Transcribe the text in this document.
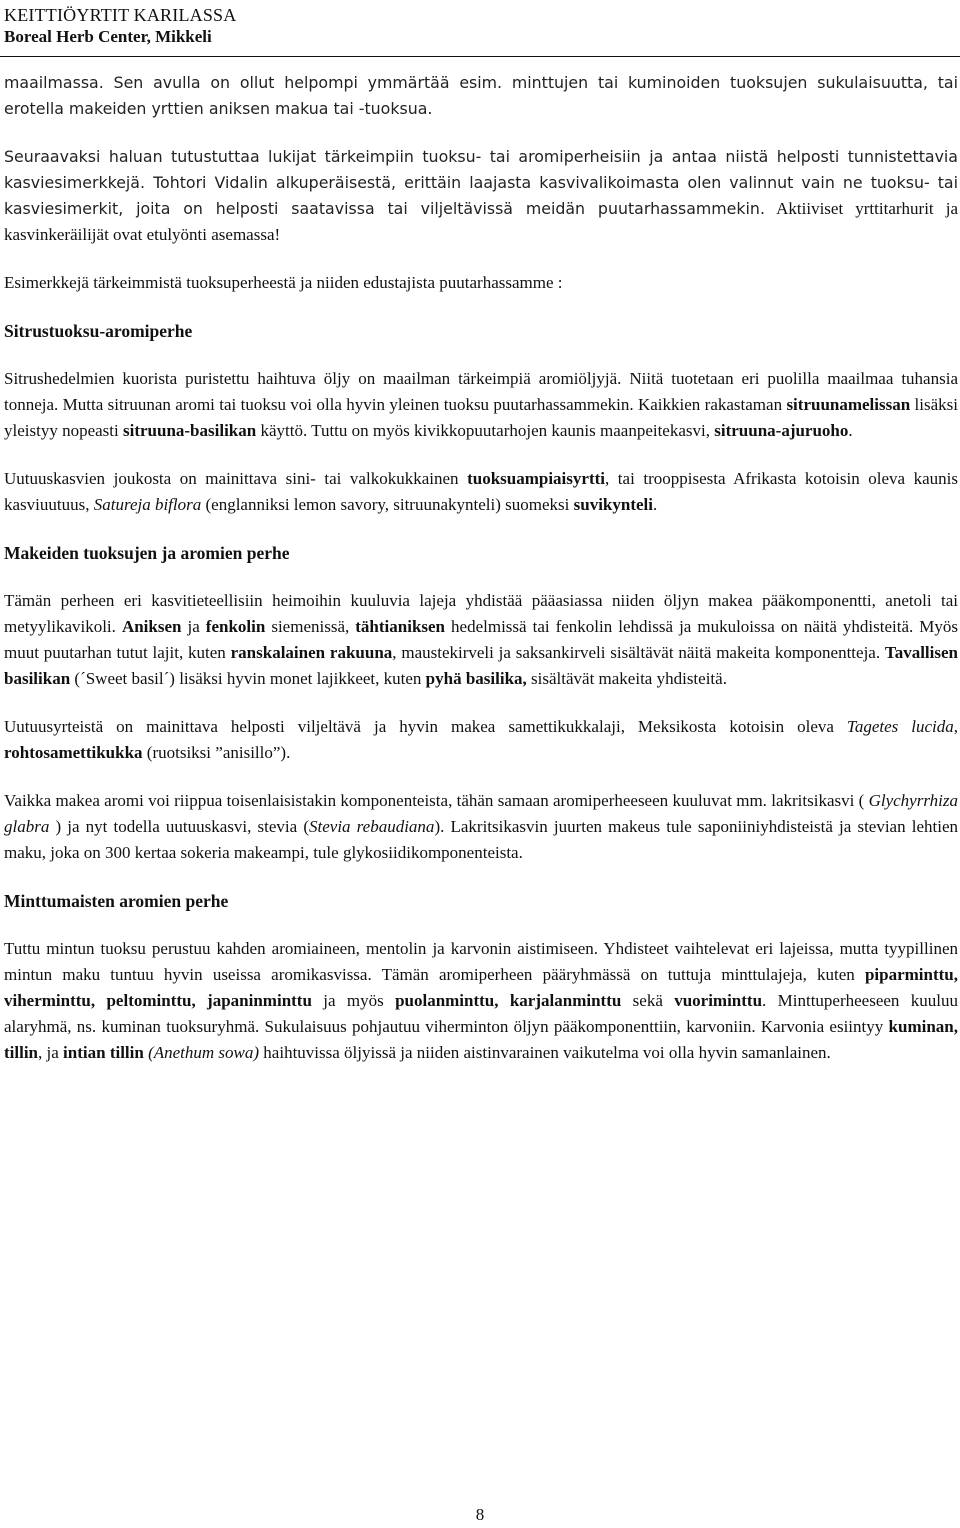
KEITTIÖYRTIT KARILASSA
Boreal Herb Center, Mikkeli

maailmassa. Sen avulla on ollut helpompi ymmärtää esim. minttujen tai kuminoiden tuoksujen sukulaisuutta, tai erotella makeiden yrttien aniksen makua tai -tuoksua.

Seuraavaksi haluan tutustuttaa lukijat tärkeimpiin tuoksu- tai aromiperheisiin ja antaa niistä helposti tunnistettavia kasviesimerkkejä. Tohtori Vidalin alkuperäisestä, erittäin laajasta kasvivalikoimasta olen valinnut vain ne tuoksu- tai kasviesimerkit, joita on helposti saatavissa tai viljeltävissä meidän puutarhassammekin. Aktiiviset yrttitarhurit ja kasvinkeräilijät ovat etulyönti asemassa!

Esimerkkejä tärkeimmistä tuoksuperheestä ja niiden edustajista puutarhassamme :

Sitrustuoksu-aromiperhe

Sitrushedelmien kuorista puristettu haihtuva öljy on maailman tärkeimpiä aromiöljyjä. Niitä tuotetaan eri puolilla maailmaa tuhansia tonneja. Mutta sitruunan aromi tai tuoksu voi olla hyvin yleinen tuoksu puutarhassammekin. Kaikkien rakastaman sitruunamelissan lisäksi yleistyy nopeasti sitruuna-basilikan käyttö. Tuttu on myös kivikkopuutarhojen kaunis maanpeitekasvi, sitruuna-ajuruoho.

Uutuuskasvien joukosta on mainittava sini- tai valkokukkainen tuoksuampiaisyrtti, tai trooppisesta Afrikasta kotoisin oleva kaunis kasviuutuus, Satureja biflora (englanniksi lemon savory, sitruunakynteli) suomeksi suvikynteli.

Makeiden tuoksujen ja aromien perhe

Tämän perheen eri kasvitieteellisiin heimoihin kuuluvia lajeja yhdistää pääasiassa niiden öljyn makea pääkomponentti, anetoli tai metyylikavikoli. Aniksen ja fenkolin siemenissä, tähtianiksen hedelmissä tai fenkolin lehdissä ja mukuloissa on näitä yhdisteitä. Myös muut puutarhan tutut lajit, kuten ranskalainen rakuuna, maustekirveli ja saksankirveli sisältävät näitä makeita komponentteja. Tavallisen basilikan (´Sweet basil´) lisäksi hyvin monet lajikkeet, kuten pyhä basilika, sisältävät makeita yhdisteitä.

Uutuusyrteistä on mainittava helposti viljeltävä ja hyvin makea samettikukkalaji, Meksikosta kotoisin oleva Tagetes lucida, rohtosamettikukka (ruotsiksi ”anisillo”).

Vaikka makea aromi voi riippua toisenlaisistakin komponenteista, tähän samaan aromiperheeseen kuuluvat mm. lakritsikasvi ( Glychyrrhiza glabra ) ja nyt todella uutuuskasvi, stevia (Stevia rebaudiana). Lakritsikasvin juurten makeus tule saponiiniyhdisteistä ja stevian lehtien maku, joka on 300 kertaa sokeria makeampi, tule glykosiidikomponenteista.

Minttumaisten aromien perhe

Tuttu mintun tuoksu perustuu kahden aromiaineen, mentolin ja karvonin aistimiseen. Yhdisteet vaihtelevat eri lajeissa, mutta tyypillinen mintun maku tuntuu hyvin useissa aromikasvissa. Tämän aromiperheen pääryhmässä on tuttuja minttulajeja, kuten piparminttu, viherminttu, peltominttu, japaninminttu ja myös puolanminttu, karjalanminttu sekä vuoriminttu. Minttuperheeseen kuuluu alaryhmä, ns. kuminan tuoksuryhmä. Sukulaisuus pohjautuu viherminton öljyn pääkomponenttiin, karvoniin. Karvonia esiintyy kuminan, tillin, ja intian tillin (Anethum sowa) haihtuvissa öljyissä ja niiden aistinvarainen vaikutelma voi olla hyvin samanlainen.

8
